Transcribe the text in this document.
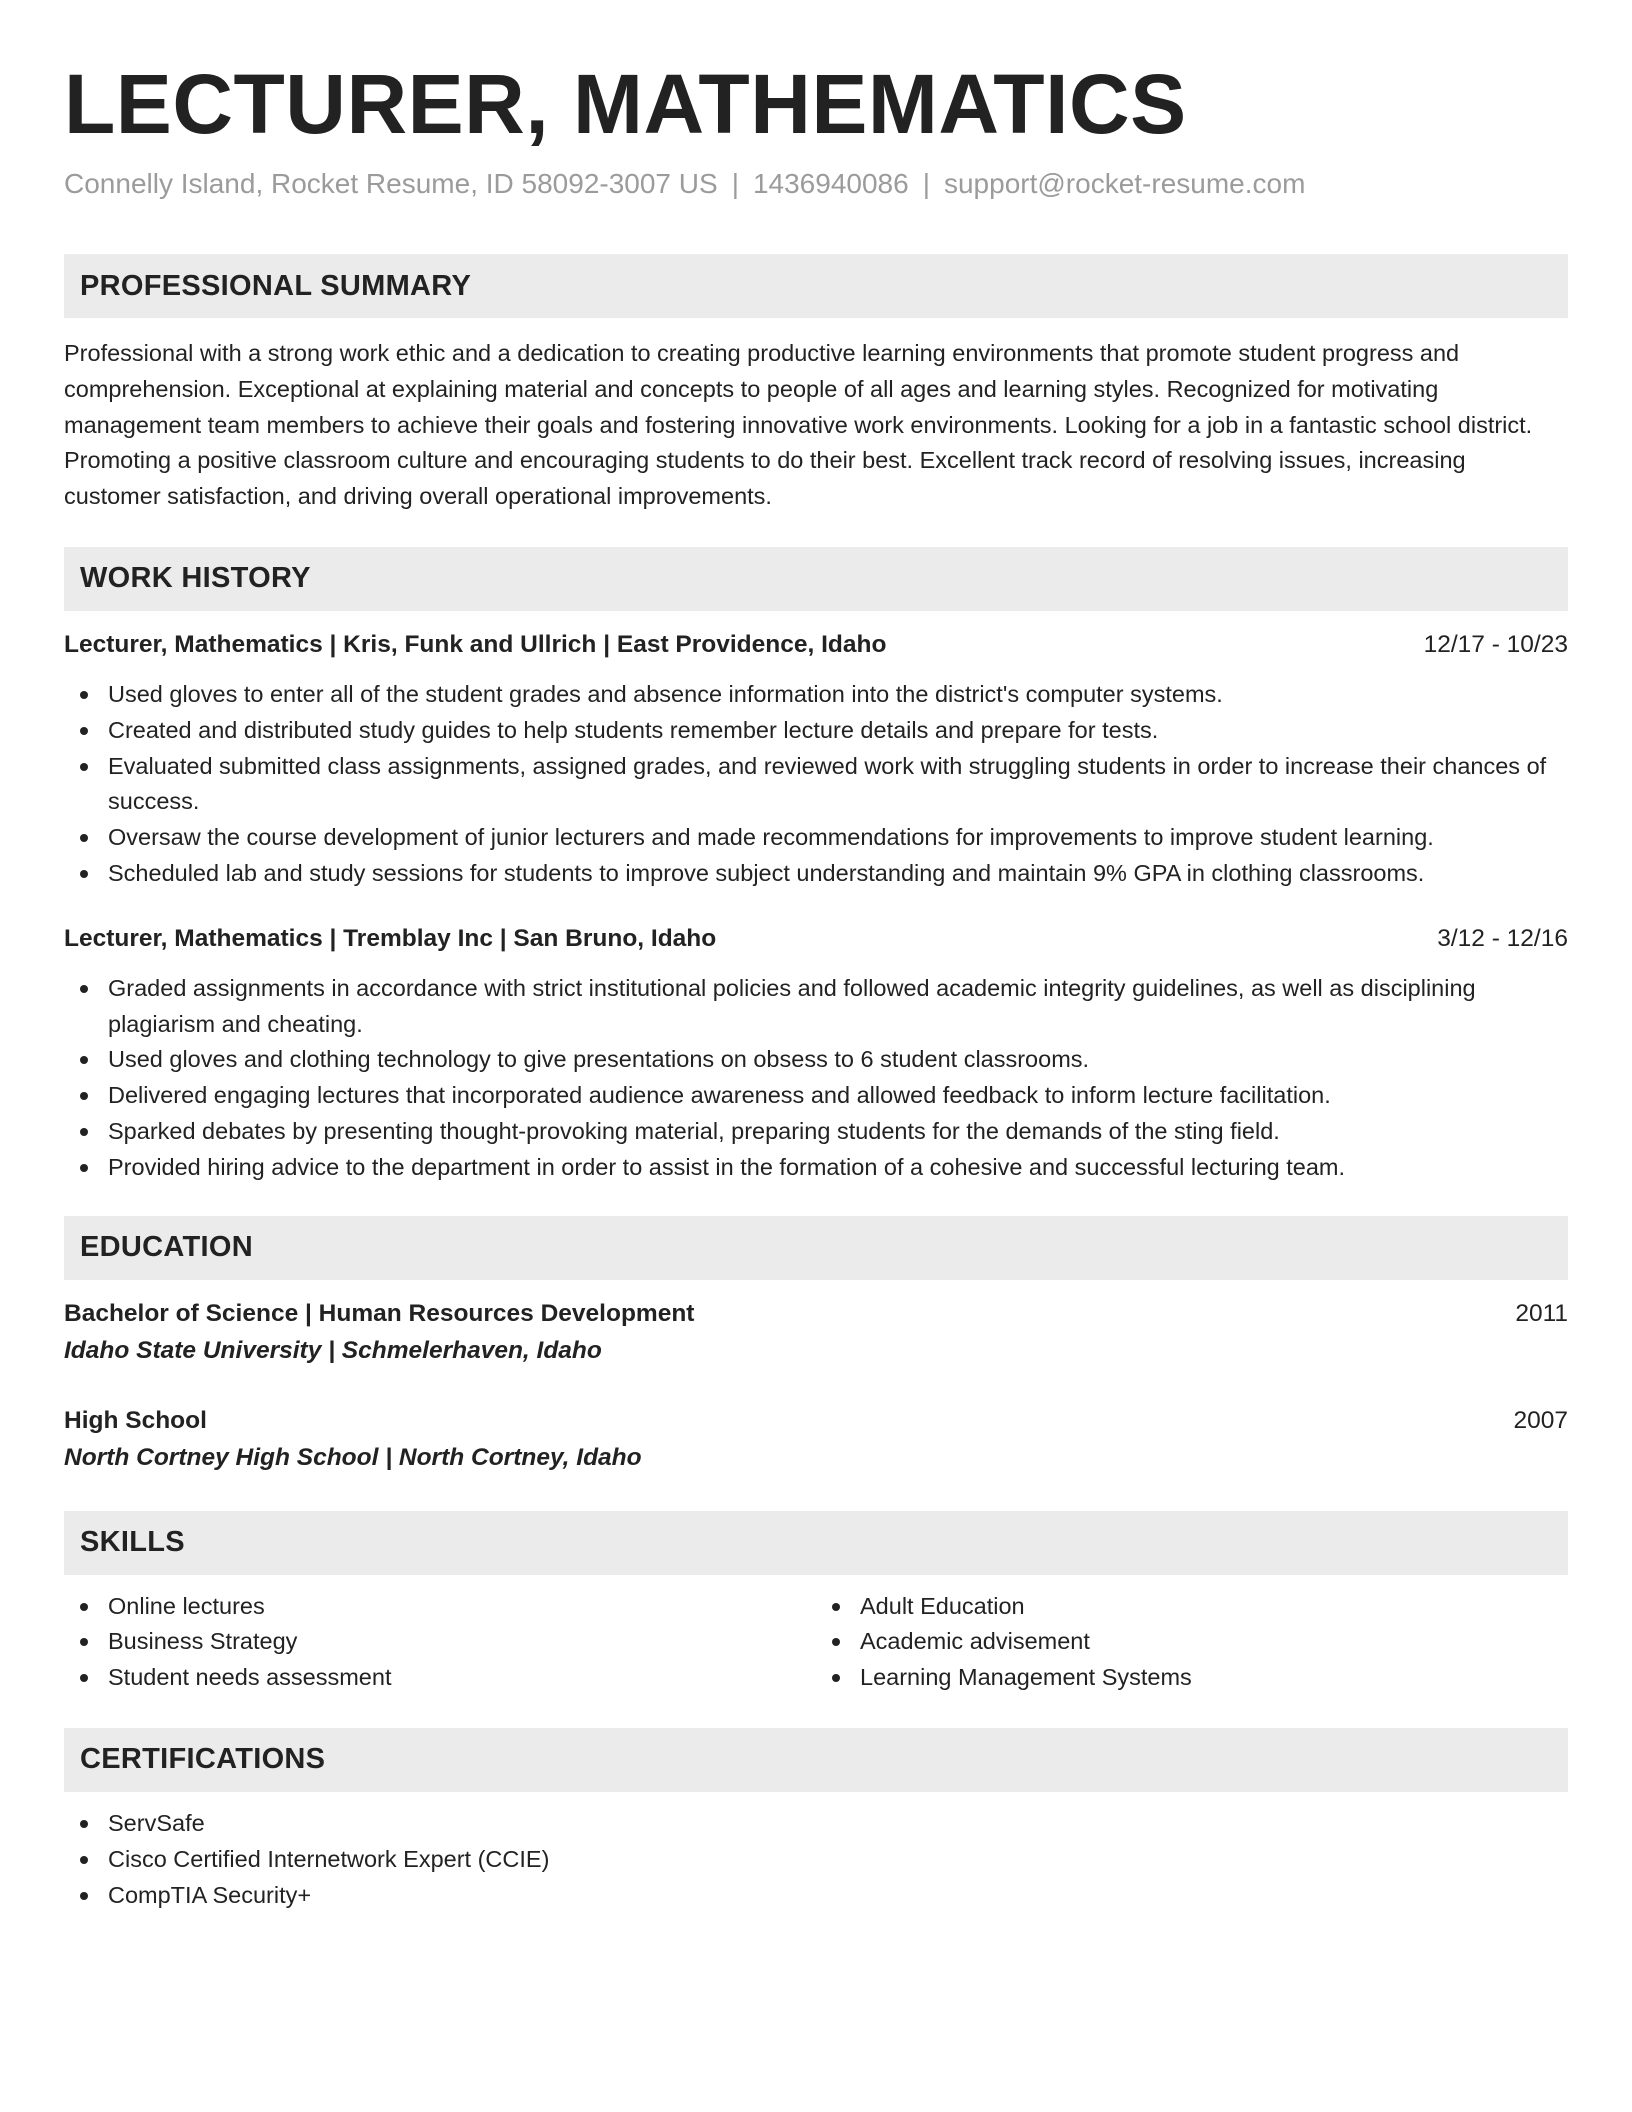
LECTURER, MATHEMATICS
Connelly Island, Rocket Resume, ID 58092-3007 US | 1436940086 | support@rocket-resume.com
PROFESSIONAL SUMMARY
Professional with a strong work ethic and a dedication to creating productive learning environments that promote student progress and comprehension. Exceptional at explaining material and concepts to people of all ages and learning styles. Recognized for motivating management team members to achieve their goals and fostering innovative work environments. Looking for a job in a fantastic school district. Promoting a positive classroom culture and encouraging students to do their best. Excellent track record of resolving issues, increasing customer satisfaction, and driving overall operational improvements.
WORK HISTORY
Lecturer, Mathematics | Kris, Funk and Ullrich | East Providence, Idaho	12/17 - 10/23
Used gloves to enter all of the student grades and absence information into the district's computer systems.
Created and distributed study guides to help students remember lecture details and prepare for tests.
Evaluated submitted class assignments, assigned grades, and reviewed work with struggling students in order to increase their chances of success.
Oversaw the course development of junior lecturers and made recommendations for improvements to improve student learning.
Scheduled lab and study sessions for students to improve subject understanding and maintain 9% GPA in clothing classrooms.
Lecturer, Mathematics | Tremblay Inc | San Bruno, Idaho	3/12 - 12/16
Graded assignments in accordance with strict institutional policies and followed academic integrity guidelines, as well as disciplining plagiarism and cheating.
Used gloves and clothing technology to give presentations on obsess to 6 student classrooms.
Delivered engaging lectures that incorporated audience awareness and allowed feedback to inform lecture facilitation.
Sparked debates by presenting thought-provoking material, preparing students for the demands of the sting field.
Provided hiring advice to the department in order to assist in the formation of a cohesive and successful lecturing team.
EDUCATION
Bachelor of Science | Human Resources Development	2011
Idaho State University | Schmelerhaven, Idaho
High School	2007
North Cortney High School | North Cortney, Idaho
SKILLS
Online lectures
Business Strategy
Student needs assessment
Adult Education
Academic advisement
Learning Management Systems
CERTIFICATIONS
ServSafe
Cisco Certified Internetwork Expert (CCIE)
CompTIA Security+
